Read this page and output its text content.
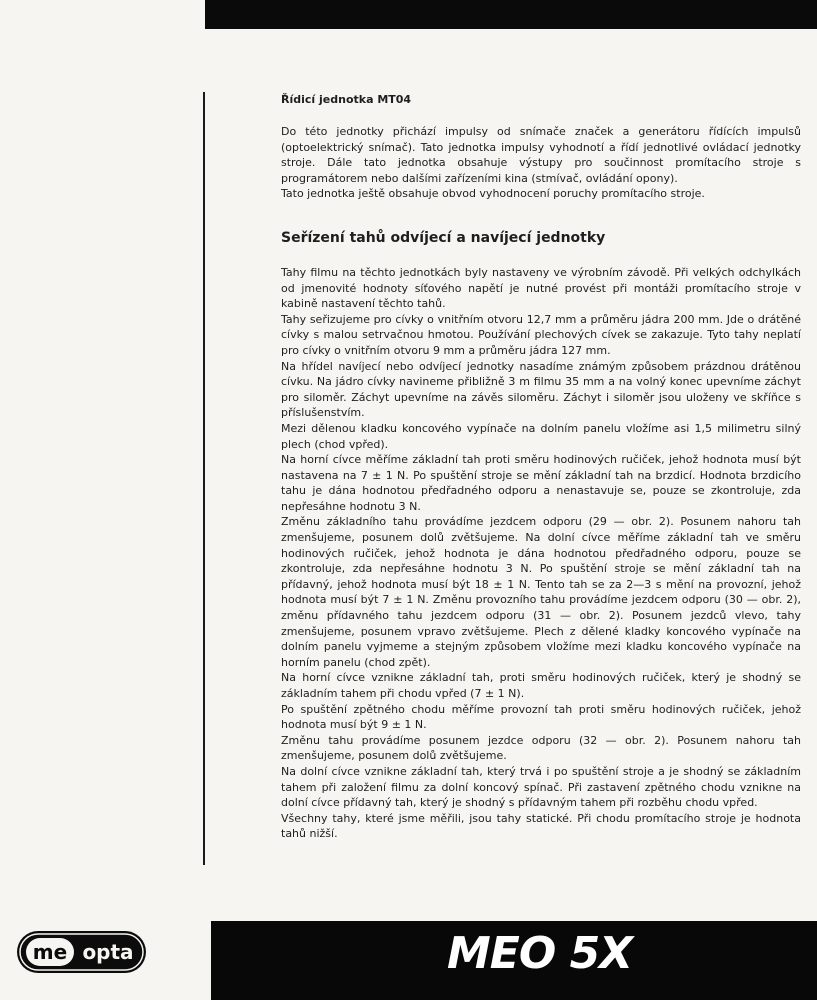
Řídicí jednotka MT04

Do této jednotky přichází impulsy od snímače značek a generátoru řídících impulsů (optoelektrický snímač). Tato jednotka impulsy vyhodnotí a řídí jednotlivé ovládací jednotky stroje. Dále tato jednotka obsahuje výstupy pro součinnost promítacího stroje s programátorem nebo dalšími zařízeními kina (stmívač, ovládání opony).

Tato jednotka ještě obsahuje obvod vyhodnocení poruchy promítacího stroje.

Seřízení tahů odvíjecí a navíjecí jednotky

Tahy filmu na těchto jednotkách byly nastaveny ve výrobním závodě. Při velkých odchylkách od jmenovité hodnoty síťového napětí je nutné provést při montáži promítacího stroje v kabině nastavení těchto tahů.

Tahy seřizujeme pro cívky o vnitřním otvoru 12,7 mm a průměru jádra 200 mm. Jde o drátěné cívky s malou setrvačnou hmotou. Používání plechových cívek se zakazuje. Tyto tahy neplatí pro cívky o vnitřním otvoru 9 mm a průměru jádra 127 mm.

Na hřídel navíjecí nebo odvíjecí jednotky nasadíme známým způsobem prázdnou drátěnou cívku. Na jádro cívky navineme přibližně 3 m filmu 35 mm a na volný konec upevníme záchyt pro siloměr. Záchyt upevníme na závěs siloměru. Záchyt i siloměr jsou uloženy ve skříňce s příslušenstvím.

Mezi dělenou kladku koncového vypínače na dolním panelu vložíme asi 1,5 milimetru silný plech (chod vpřed).

Na horní cívce měříme základní tah proti směru hodinových ručiček, jehož hodnota musí být nastavena na 7 ± 1 N. Po spuštění stroje se mění základní tah na brzdicí. Hodnota brzdicího tahu je dána hodnotou předřadného odporu a nenastavuje se, pouze se zkontroluje, zda nepřesáhne hodnotu 3 N.

Změnu základního tahu provádíme jezdcem odporu (29 — obr. 2). Posunem nahoru tah zmenšujeme, posunem dolů zvětšujeme. Na dolní cívce měříme základní tah ve směru hodinových ručiček, jehož hodnota je dána hodnotou předřadného odporu, pouze se zkontroluje, zda nepřesáhne hodnotu 3 N. Po spuštění stroje se mění základní tah na přídavný, jehož hodnota musí být 18 ± 1 N. Tento tah se za 2—3 s mění na provozní, jehož hodnota musí být 7 ± 1 N. Změnu provozního tahu provádíme jezdcem odporu (30 — obr. 2), změnu přídavného tahu jezdcem odporu (31 — obr. 2). Posunem jezdců vlevo, tahy zmenšujeme, posunem vpravo zvětšujeme. Plech z dělené kladky koncového vypínače na dolním panelu vyjmeme a stejným způsobem vložíme mezi kladku koncového vypínače na horním panelu (chod zpět).

Na horní cívce vznikne základní tah, proti směru hodinových ručiček, který je shodný se základním tahem při chodu vpřed (7 ± 1 N).

Po spuštění zpětného chodu měříme provozní tah proti směru hodinových ručiček, jehož hodnota musí být 9 ± 1 N.

Změnu tahu provádíme posunem jezdce odporu (32 — obr. 2). Posunem nahoru tah zmenšujeme, posunem dolů zvětšujeme.

Na dolní cívce vznikne základní tah, který trvá i po spuštění stroje a je shodný se základním tahem při založení filmu za dolní koncový spínač. Při zastavení zpětného chodu vznikne na dolní cívce přídavný tah, který je shodný s přídavným tahem při rozběhu chodu vpřed.

Všechny tahy, které jsme měřili, jsou tahy statické. Při chodu promítacího stroje je hodnota tahů nižší.

me opta	MEO 5X
